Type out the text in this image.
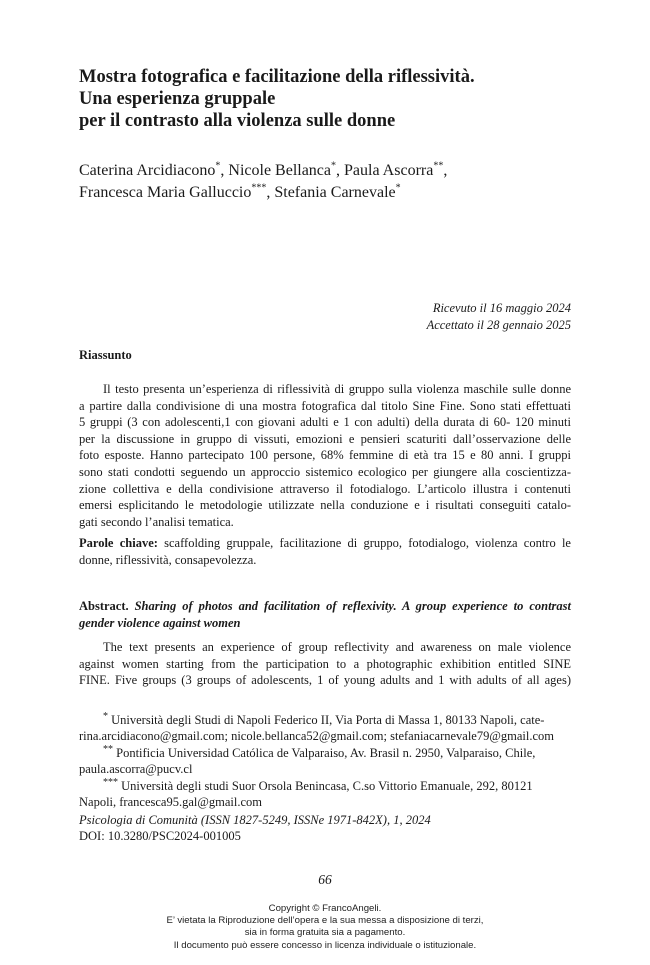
Mostra fotografica e facilitazione della riflessività.
Una esperienza gruppale
per il contrasto alla violenza sulle donne
Caterina Arcidiacono*, Nicole Bellanca*, Paula Ascorra**,
Francesca Maria Galluccio***, Stefania Carnevale*
Ricevuto il 16 maggio 2024
Accettato il 28 gennaio 2025
Riassunto
Il testo presenta un’esperienza di riflessività di gruppo sulla violenza maschile sulle donne
a partire dalla condivisione di una mostra fotografica dal titolo Sine Fine. Sono stati effettuati
5 gruppi (3 con adolescenti,1 con giovani adulti e 1 con adulti) della durata di 60- 120 minuti
per la discussione in gruppo di vissuti, emozioni e pensieri scaturiti dall’osservazione delle
foto esposte. Hanno partecipato 100 persone, 68% femmine di età tra 15 e 80 anni. I gruppi
sono stati condotti seguendo un approccio sistemico ecologico per giungere alla coscientizza-
zione collettiva e della condivisione attraverso il fotodialogo. L’articolo illustra i contenuti
emersi esplicitando le metodologie utilizzate nella conduzione e i risultati conseguiti catalo-
gati secondo l’analisi tematica.
Parole chiave: scaffolding gruppale, facilitazione di gruppo, fotodialogo, violenza contro le
donne, riflessività, consapevolezza.
Abstract. Sharing of photos and facilitation of reflexivity. A group experience to contrast
gender violence against women
The text presents an experience of group reflectivity and awareness on male violence
against women starting from the participation to a photographic exhibition entitled SINE
FINE. Five groups (3 groups of adolescents, 1 of young adults and 1 with adults of all ages)
* Università degli Studi di Napoli Federico II, Via Porta di Massa 1, 80133 Napoli, cate-
rina.arcidiacono@gmail.com; nicole.bellanca52@gmail.com; stefaniacarnevale79@gmail.com
** Pontificia Universidad Católica de Valparaiso, Av. Brasil n. 2950, Valparaiso, Chile,
paula.ascorra@pucv.cl
*** Università degli studi Suor Orsola Benincasa, C.so Vittorio Emanuale, 292, 80121
Napoli, francesca95.gal@gmail.com
Psicologia di Comunità (ISSN 1827-5249, ISSNe 1971-842X), 1, 2024
DOI: 10.3280/PSC2024-001005
66
Copyright © FrancoAngeli.
E’ vietata la Riproduzione dell’opera e la sua messa a disposizione di terzi,
sia in forma gratuita sia a pagamento.
Il documento può essere concesso in licenza individuale o istituzionale.
